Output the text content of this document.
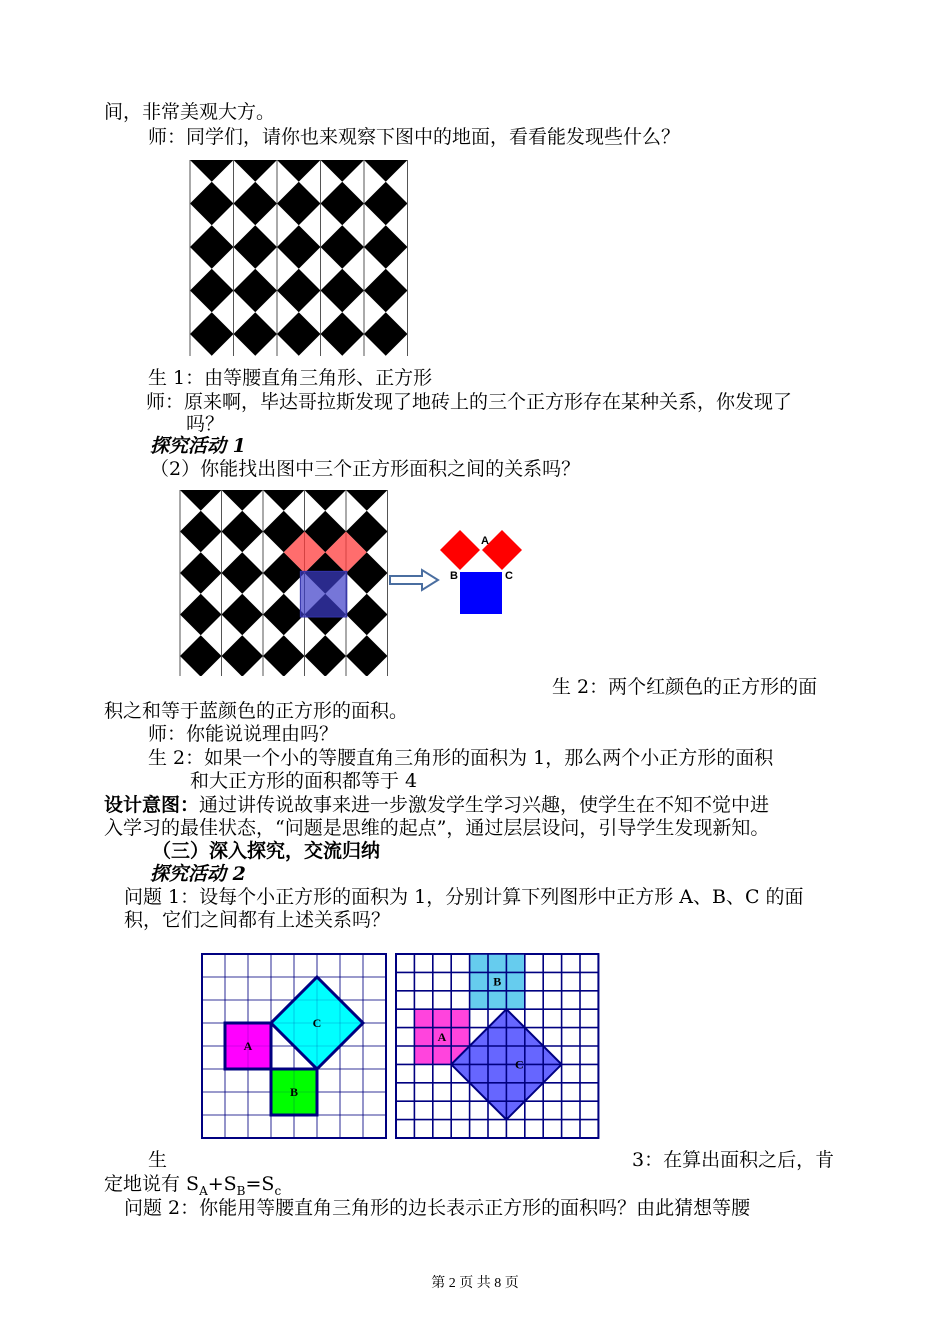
间，非常美观大方。
师：同学们，请你也来观察下图中的地面，看看能发现些什么？
生 1：由等腰直角三角形、正方形
师：原来啊，毕达哥拉斯发现了地砖上的三个正方形存在某种关系，你发现了
吗？
探究活动 1
（2）你能找出图中三个正方形面积之间的关系吗？
A
B	C
生 2：两个红颜色的正方形的面
积之和等于蓝颜色的正方形的面积。
师：你能说说理由吗？
生 2：如果一个小的等腰直角三角形的面积为 1，那么两个小正方形的面积
和大正方形的面积都等于 4
设计意图：通过讲传说故事来进一步激发学生学习兴趣，使学生在不知不觉中进
入学习的最佳状态，“问题是思维的起点”，通过层层设问，引导学生发现新知。
（三）深入探究，交流归纳
探究活动 2
问题 1：设每个小正方形的面积为 1，分别计算下列图形中正方形 A、B、C 的面
积，它们之间都有上述关系吗？
A
B
C
B
A
C
生	3：在算出面积之后，肯
定地说有 $S_A+S_B=S_c$
问题 2：你能用等腰直角三角形的边长表示正方形的面积吗？由此猜想等腰
第 2 页 共 8 页
